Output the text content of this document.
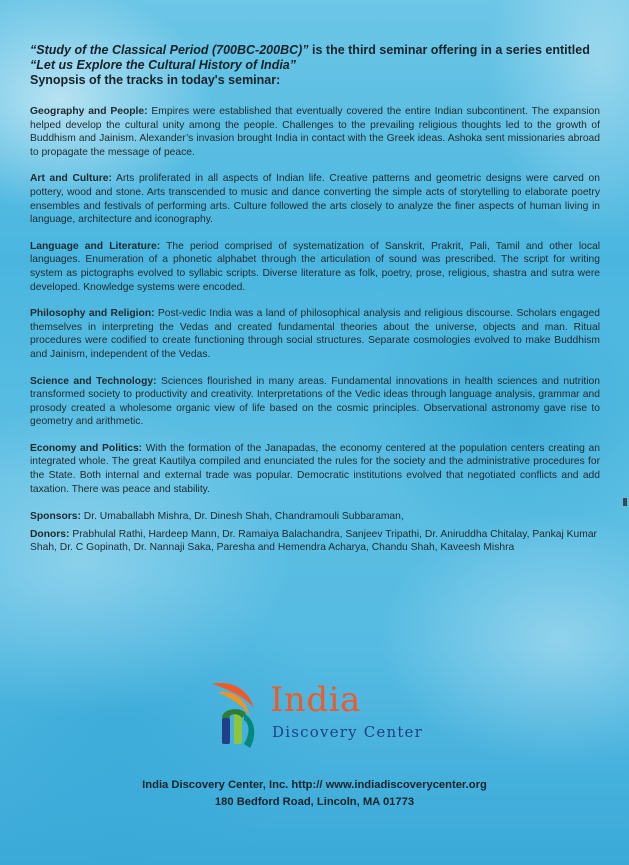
“Study of the Classical Period (700BC-200BC)” is the third seminar offering in a series entitled

“Let us Explore the Cultural History of India”

Synopsis of the tracks in today's seminar:

Geography and People: Empires were established that eventually covered the entire Indian subcontinent. The expansion helped develop the cultural unity among the people. Challenges to the prevailing religious thoughts led to the growth of Buddhism and Jainism. Alexander’s invasion brought India in contact with the Greek ideas. Ashoka sent missionaries abroad to propagate the message of peace.

Art and Culture: Arts proliferated in all aspects of Indian life. Creative patterns and geometric designs were carved on pottery, wood and stone. Arts transcended to music and dance converting the simple acts of storytelling to elaborate poetry ensembles and festivals of performing arts. Culture followed the arts closely to analyze the finer aspects of human living in language, architecture and iconography.

Language and Literature: The period comprised of systematization of Sanskrit, Prakrit, Pali, Tamil and other local languages. Enumeration of a phonetic alphabet through the articulation of sound was prescribed. The script for writing system as pictographs evolved to syllabic scripts. Diverse literature as folk, poetry, prose, religious, shastra and sutra were developed. Knowledge systems were encoded.

Philosophy and Religion: Post-vedic India was a land of philosophical analysis and religious discourse. Scholars engaged themselves in interpreting the Vedas and created fundamental theories about the universe, objects and man. Ritual procedures were codified to create functioning through social structures. Separate cosmologies evolved to make Buddhism and Jainism, independent of the Vedas.

Science and Technology: Sciences flourished in many areas. Fundamental innovations in health sciences and nutrition transformed society to productivity and creativity. Interpretations of the Vedic ideas through language analysis, grammar and prosody created a wholesome organic view of life based on the cosmic principles. Observational astronomy gave rise to geometry and arithmetic.

Economy and Politics: With the formation of the Janapadas, the economy centered at the population centers creating an integrated whole. The great Kautilya compiled and enunciated the rules for the society and the administrative procedures for the State. Both internal and external trade was popular. Democratic institutions evolved that negotiated conflicts and add taxation. There was peace and stability.

Sponsors: Dr. Umaballabh Mishra, Dr. Dinesh Shah, Chandramouli Subbaraman,

Donors: Prabhulal Rathi, Hardeep Mann, Dr. Ramaiya Balachandra, Sanjeev Tripathi, Dr. Aniruddha Chitalay, Pankaj Kumar Shah, Dr. C Gopinath, Dr. Nannaji Saka, Paresha and Hemendra Acharya, Chandu Shah, Kaveesh Mishra

India
Discovery Center
India Discovery Center, Inc. http:// www.indiadiscoverycenter.org
180 Bedford Road, Lincoln, MA 01773
